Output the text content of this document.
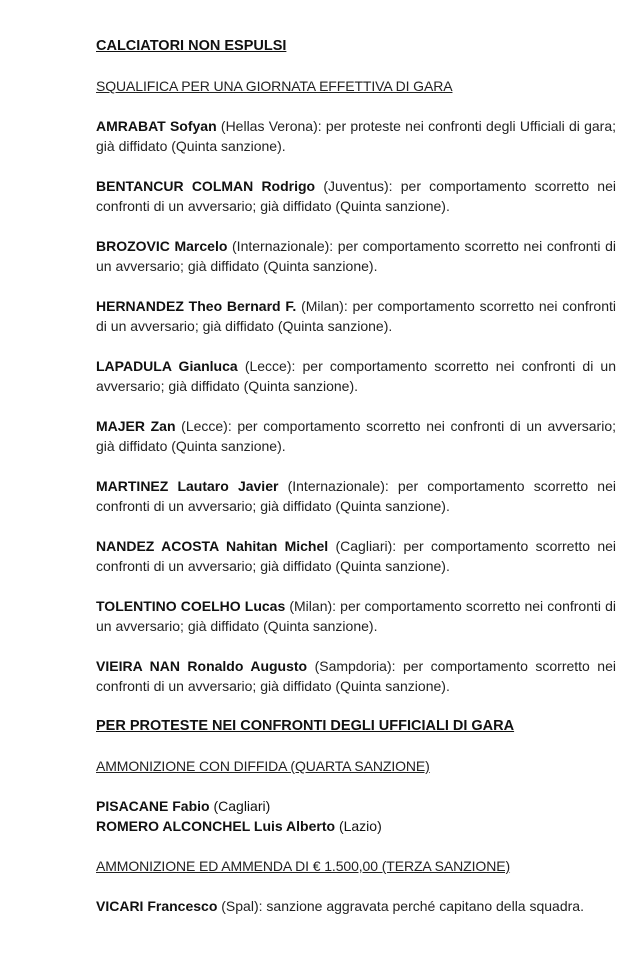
CALCIATORI NON ESPULSI

SQUALIFICA PER UNA GIORNATA EFFETTIVA DI GARA

AMRABAT Sofyan (Hellas Verona): per proteste nei confronti degli Ufficiali di gara; già diffidato (Quinta sanzione).

BENTANCUR COLMAN Rodrigo (Juventus): per comportamento scorretto nei confronti di un avversario; già diffidato (Quinta sanzione).

BROZOVIC Marcelo (Internazionale): per comportamento scorretto nei confronti di un avversario; già diffidato (Quinta sanzione).

HERNANDEZ Theo Bernard F. (Milan): per comportamento scorretto nei confronti di un avversario; già diffidato (Quinta sanzione).

LAPADULA Gianluca (Lecce): per comportamento scorretto nei confronti di un avversario; già diffidato (Quinta sanzione).

MAJER Zan (Lecce): per comportamento scorretto nei confronti di un avversario; già diffidato (Quinta sanzione).

MARTINEZ Lautaro Javier (Internazionale): per comportamento scorretto nei confronti di un avversario; già diffidato (Quinta sanzione).

NANDEZ ACOSTA Nahitan Michel (Cagliari): per comportamento scorretto nei confronti di un avversario; già diffidato (Quinta sanzione).

TOLENTINO COELHO Lucas (Milan): per comportamento scorretto nei confronti di un avversario; già diffidato (Quinta sanzione).

VIEIRA NAN Ronaldo Augusto (Sampdoria): per comportamento scorretto nei confronti di un avversario; già diffidato (Quinta sanzione).

PER PROTESTE NEI CONFRONTI DEGLI UFFICIALI DI GARA

AMMONIZIONE CON DIFFIDA (QUARTA SANZIONE)

PISACANE Fabio (Cagliari)

ROMERO ALCONCHEL Luis Alberto (Lazio)

AMMONIZIONE ED AMMENDA DI € 1.500,00 (TERZA SANZIONE)

VICARI Francesco (Spal): sanzione aggravata perché capitano della squadra.
